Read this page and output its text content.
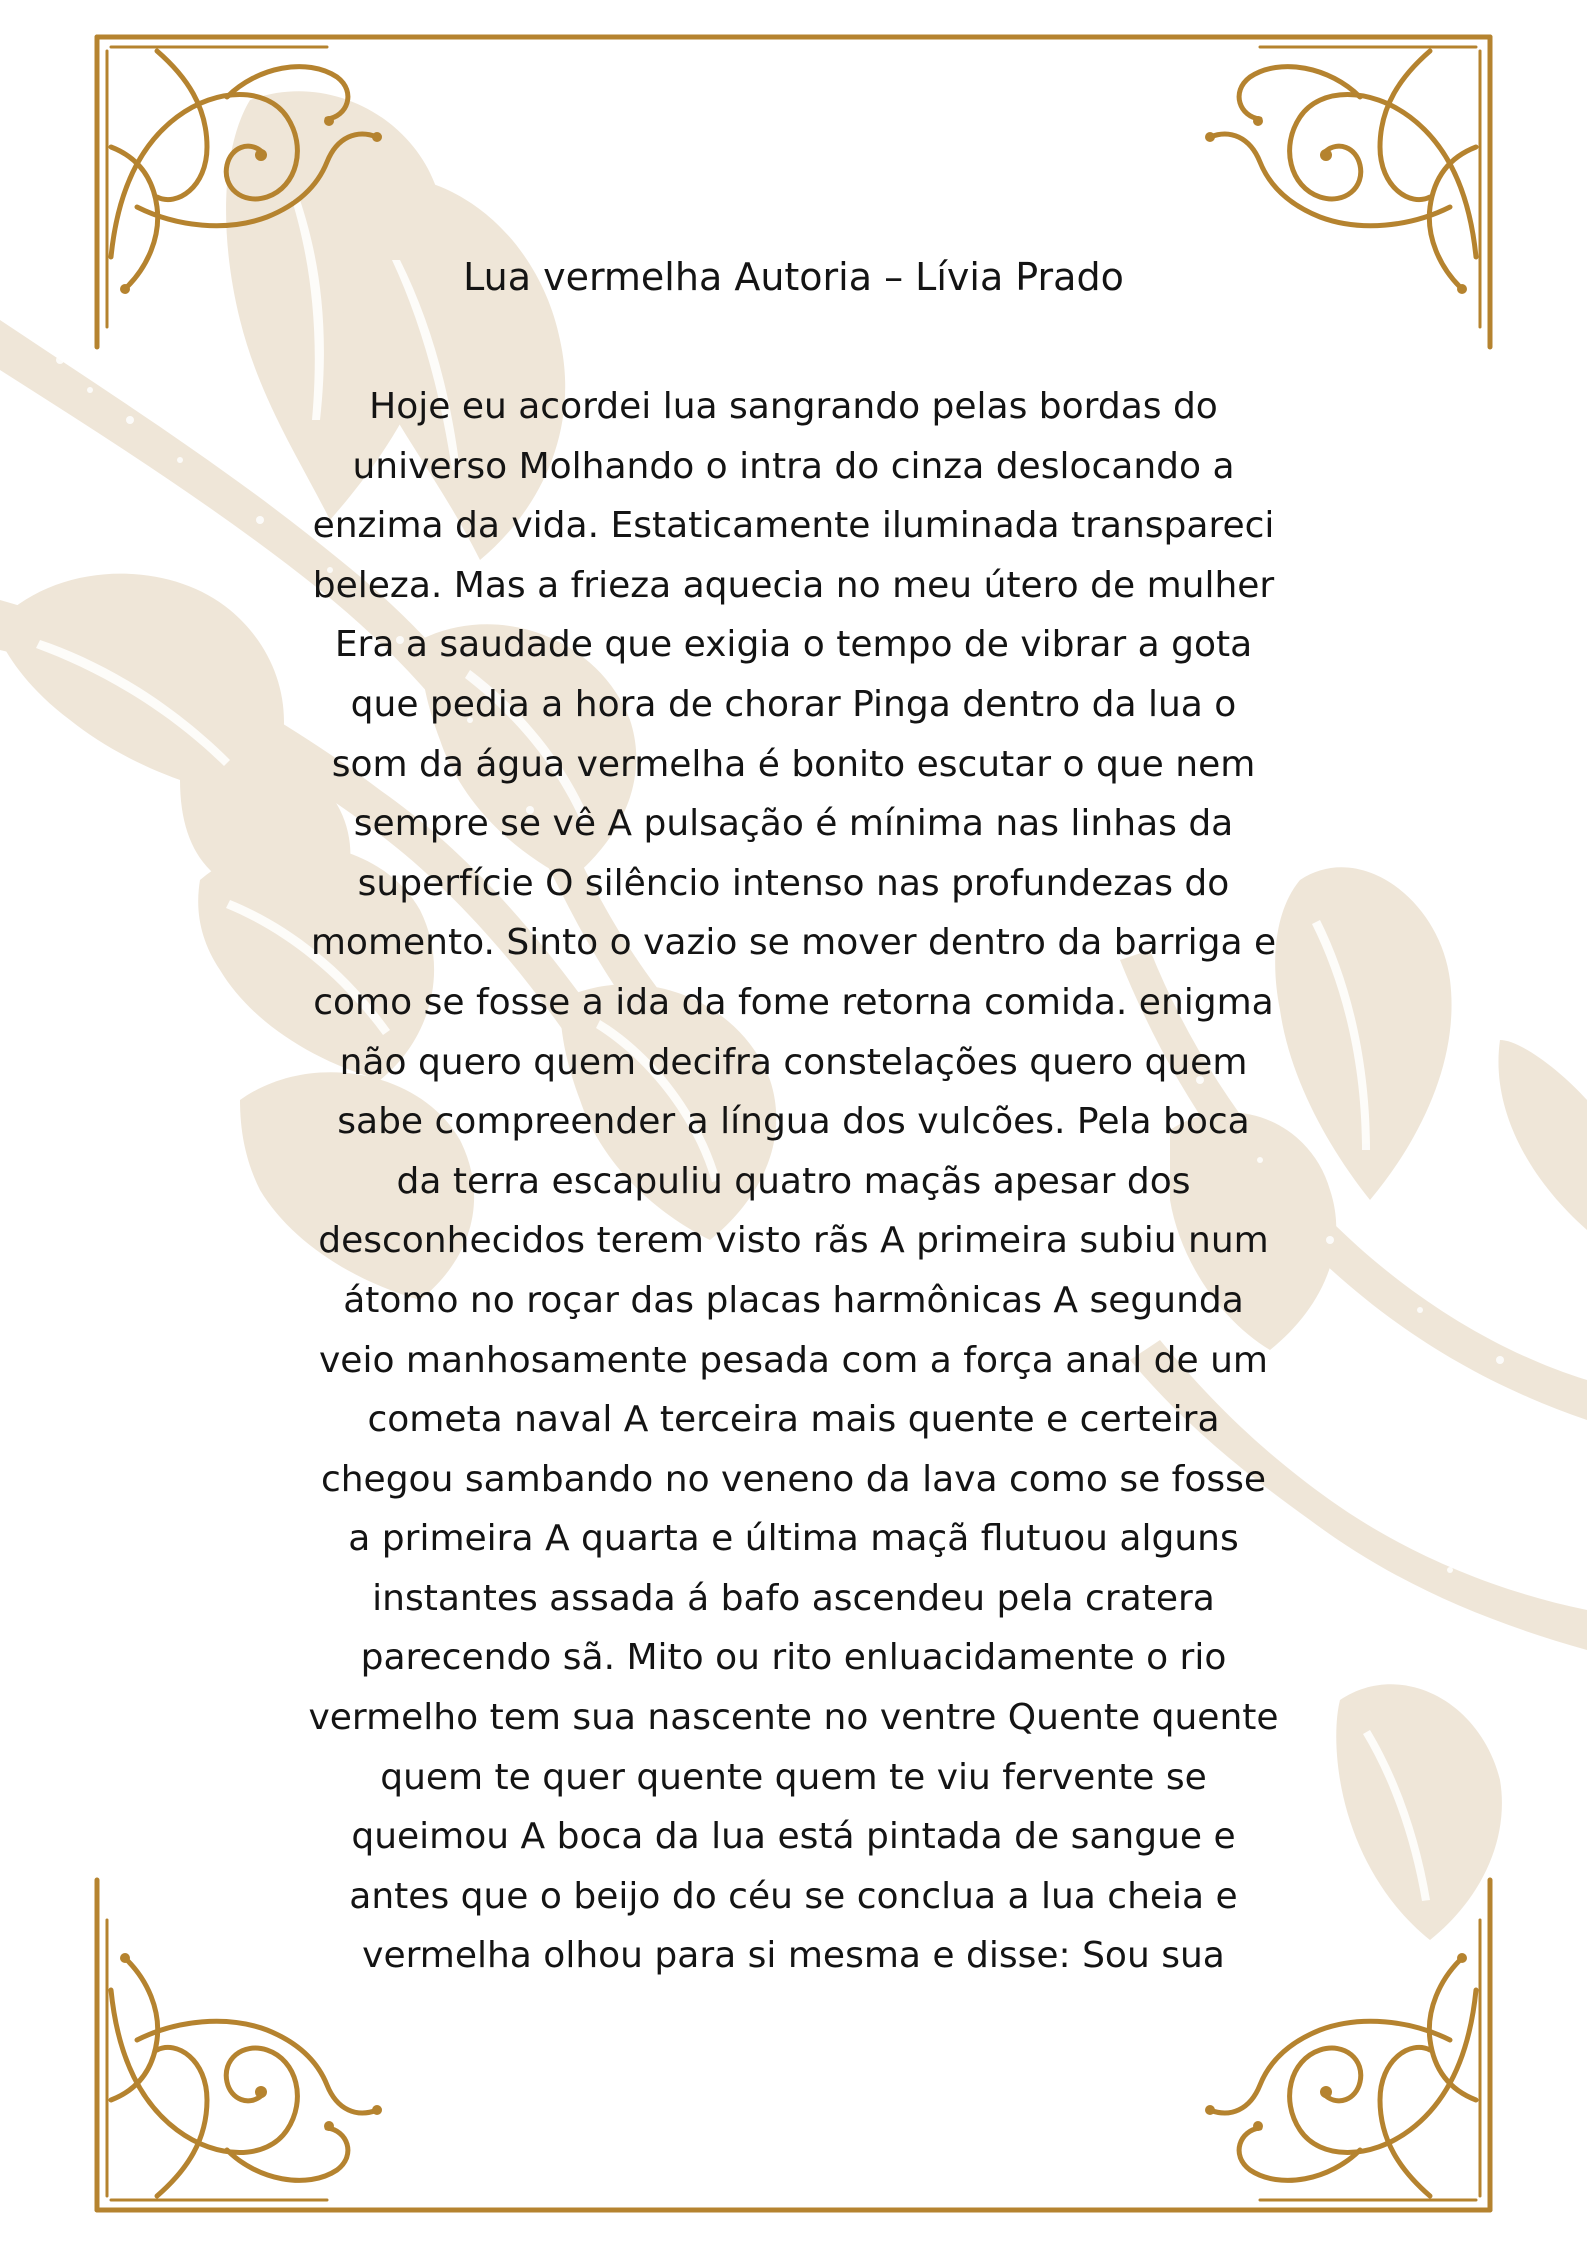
Lua vermelha Autoria – Lívia Prado
Hoje eu acordei lua sangrando pelas bordas do
universo Molhando o intra do cinza deslocando a
enzima da vida. Estaticamente iluminada transpareci
beleza. Mas a frieza aquecia no meu útero de mulher
Era a saudade que exigia o tempo de vibrar a gota
que pedia a hora de chorar Pinga dentro da lua o
som da água vermelha é bonito escutar o que nem
sempre se vê A pulsação é mínima nas linhas da
superfície O silêncio intenso nas profundezas do
momento. Sinto o vazio se mover dentro da barriga e
como se fosse a ida da fome retorna comida. enigma
não quero quem decifra constelações quero quem
sabe compreender a língua dos vulcões. Pela boca
da terra escapuliu quatro maçãs apesar dos
desconhecidos terem visto rãs A primeira subiu num
átomo no roçar das placas harmônicas A segunda
veio manhosamente pesada com a força anal de um
cometa naval A terceira mais quente e certeira
chegou sambando no veneno da lava como se fosse
a primeira A quarta e última maçã flutuou alguns
instantes assada á bafo ascendeu pela cratera
parecendo sã. Mito ou rito enluacidamente o rio
vermelho tem sua nascente no ventre Quente quente
quem te quer quente quem te viu fervente se
queimou A boca da lua está pintada de sangue e
antes que o beijo do céu se conclua a lua cheia e
vermelha olhou para si mesma e disse: Sou sua
